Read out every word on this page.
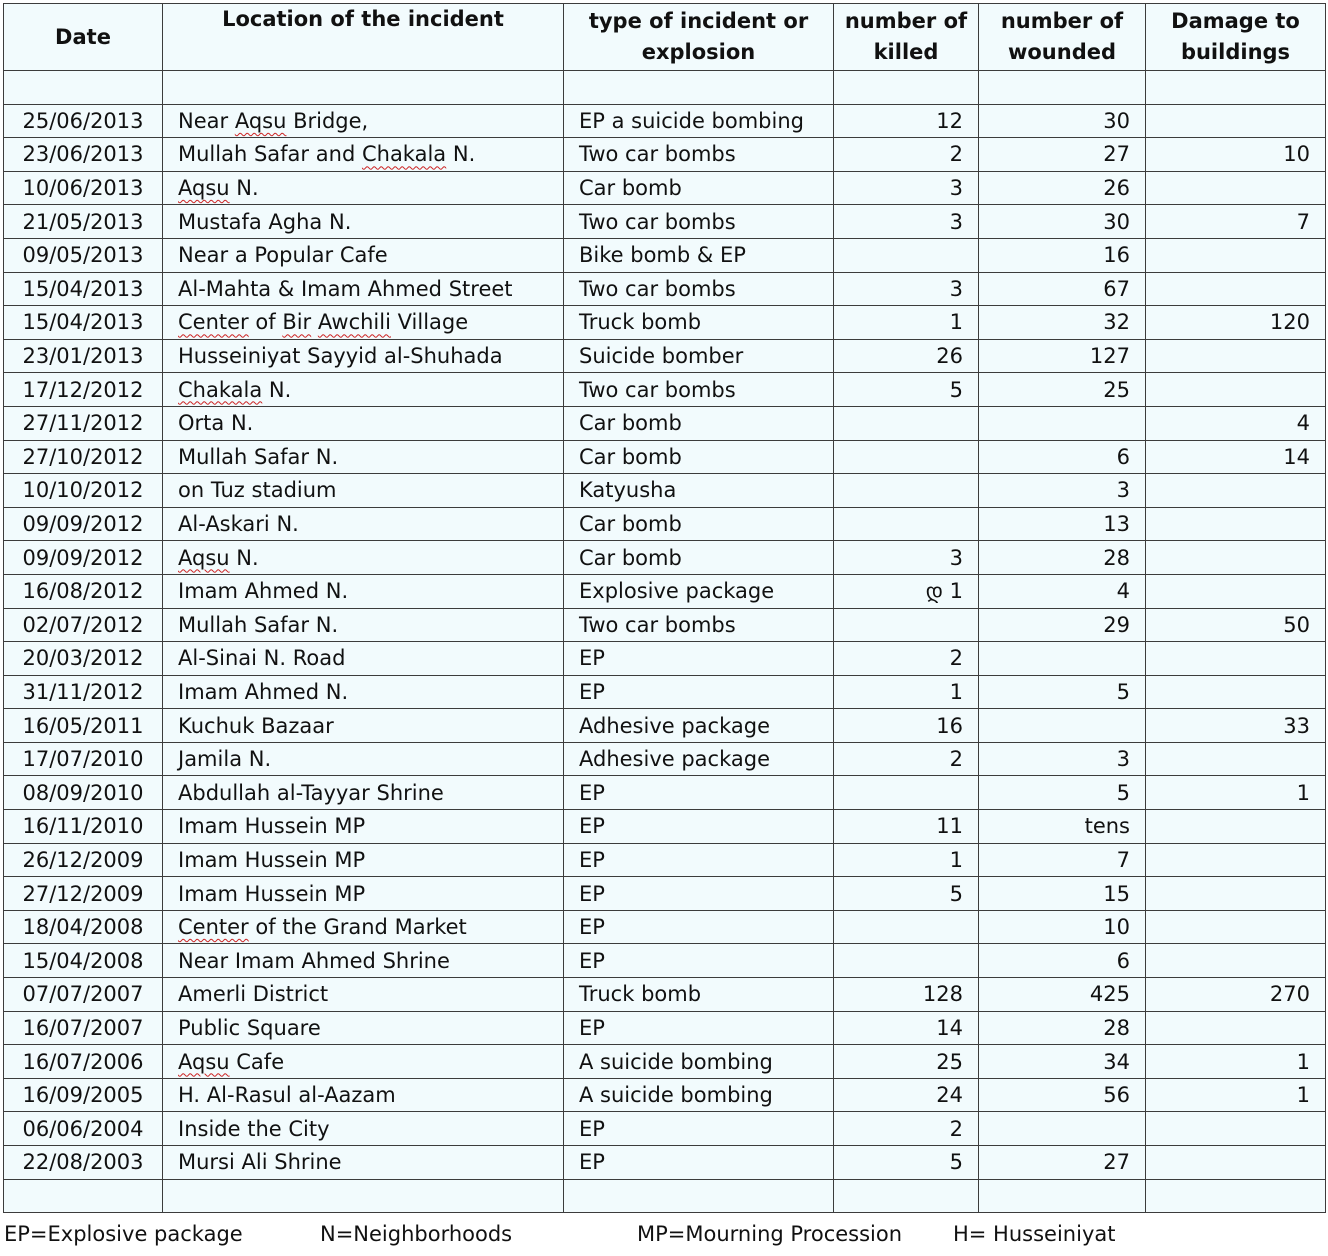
Date	Location of the incident	type of incident or explosion	number of killed	number of wounded	Damage to buildings

25/06/2013	Near Aqsu Bridge,	EP a suicide bombing	12	30	
23/06/2013	Mullah Safar and Chakala N.	Two car bombs	2	27	10
10/06/2013	Aqsu N.	Car bomb	3	26	
21/05/2013	Mustafa Agha N.	Two car bombs	3	30	7
09/05/2013	Near a Popular Cafe	Bike bomb & EP		16	
15/04/2013	Al-Mahta & Imam Ahmed Street	Two car bombs	3	67	
15/04/2013	Center of Bir Awchili Village	Truck bomb	1	32	120
23/01/2013	Husseiniyat Sayyid al-Shuhada	Suicide bomber	26	127	
17/12/2012	Chakala N.	Two car bombs	5	25	
27/11/2012	Orta N.	Car bomb			4
27/10/2012	Mullah Safar N.	Car bomb		6	14
10/10/2012	on Tuz stadium	Katyusha		3	
09/09/2012	Al-Askari N.	Car bomb		13	
09/09/2012	Aqsu N.	Car bomb	3	28	
16/08/2012	Imam Ahmed N.	Explosive package	დ 1	4	
02/07/2012	Mullah Safar N.	Two car bombs		29	50
20/03/2012	Al-Sinai N. Road	EP	2		
31/11/2012	Imam Ahmed N.	EP	1	5	
16/05/2011	Kuchuk Bazaar	Adhesive package	16		33
17/07/2010	Jamila N.	Adhesive package	2	3	
08/09/2010	Abdullah al-Tayyar Shrine	EP		5	1
16/11/2010	Imam Hussein MP	EP	11	tens	
26/12/2009	Imam Hussein MP	EP	1	7	
27/12/2009	Imam Hussein MP	EP	5	15	
18/04/2008	Center of the Grand Market	EP		10	
15/04/2008	Near Imam Ahmed Shrine	EP		6	
07/07/2007	Amerli District	Truck bomb	128	425	270
16/07/2007	Public Square	EP	14	28	
16/07/2006	Aqsu Cafe	A suicide bombing	25	34	1
16/09/2005	H. Al-Rasul al-Aazam	A suicide bombing	24	56	1
06/06/2004	Inside the City	EP	2		
22/08/2003	Mursi Ali Shrine	EP	5	27	

EP=Explosive package	N=Neighborhoods	MP=Mourning Procession H= Husseiniyat
